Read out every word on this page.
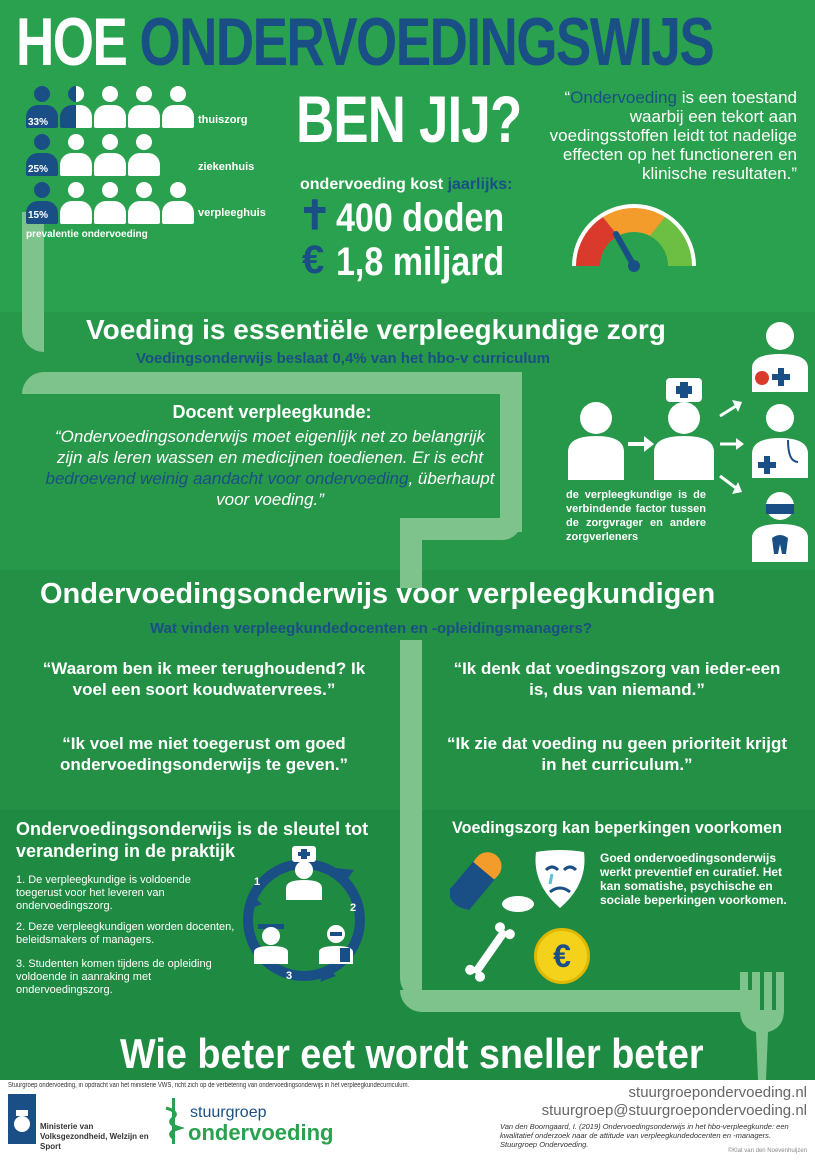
HOE ONDERVOEDINGSWIJS
BEN JIJ?
33%
25%
15%
thuiszorg
ziekenhuis
verpleeghuis
prevalentie ondervoeding
ondervoeding kost jaarlijks:
✝ 400 doden
€ 1,8 miljard
“Ondervoeding is een toestand waarbij een tekort aan voedingsstoffen leidt tot nadelige effecten op het functioneren en klinische resultaten.”
Voeding is essentiële verpleegkundige zorg
Voedingsonderwijs beslaat 0,4% van het hbo-v curriculum
Docent verpleegkunde:
“Ondervoedingsonderwijs moet eigenlijk net zo belangrijk zijn als leren wassen en medicijnen toedienen. Er is echt bedroevend weinig aandacht voor ondervoeding, überhaupt voor voeding.”	de verpleegkundige is de verbindende factor tussen de zorgvrager en andere zorgverleners
Ondervoedingsonderwijs voor verpleegkundigen
Wat vinden verpleegkundedocenten en -opleidingsmanagers?
“Waarom ben ik meer terughoudend? Ik voel een soort koudwatervrees.”
“Ik denk dat voedingszorg van ieder-een is, dus van niemand.”
“Ik voel me niet toegerust om goed ondervoedingsonderwijs te geven.”
“Ik zie dat voeding nu geen prioriteit krijgt in het curriculum.”
Ondervoedingsonderwijs is de sleutel tot verandering in de praktijk
1. De verpleegkundige is voldoende toegerust voor het leveren van ondervoedingszorg.
2. Deze verpleegkundigen worden docenten, beleidsmakers of managers.
3. Studenten komen tijdens de opleiding voldoende in aanraking met ondervoedingszorg.
1
2
3
Voedingszorg kan beperkingen voorkomen
Goed ondervoedingsonderwijs werkt preventief en curatief. Het kan somatishe, psychische en sociale beperkingen voorkomen.
€
Wie beter eet wordt sneller beter
Stuurgroep ondervoeding, in opdracht van het ministerie VWS, richt zich op de verbetering van ondervoedingsonderwijs in het verpleegkundecurriculum.
Ministerie van Volksgezondheid, Welzijn en Sport
stuurgroep
ondervoeding
stuurgroepondervoeding.nl
stuurgroep@stuurgroepondervoeding.nl
Van den Boomgaard, I. (2019) Ondervoedingsonderwijs in het hbo-verpleegkunde: een kwalitatief onderzoek naar de attitude van verpleegkundedocenten en -managers. Stuurgroep Ondervoeding.
©Klat van den Noevenhuijzen
